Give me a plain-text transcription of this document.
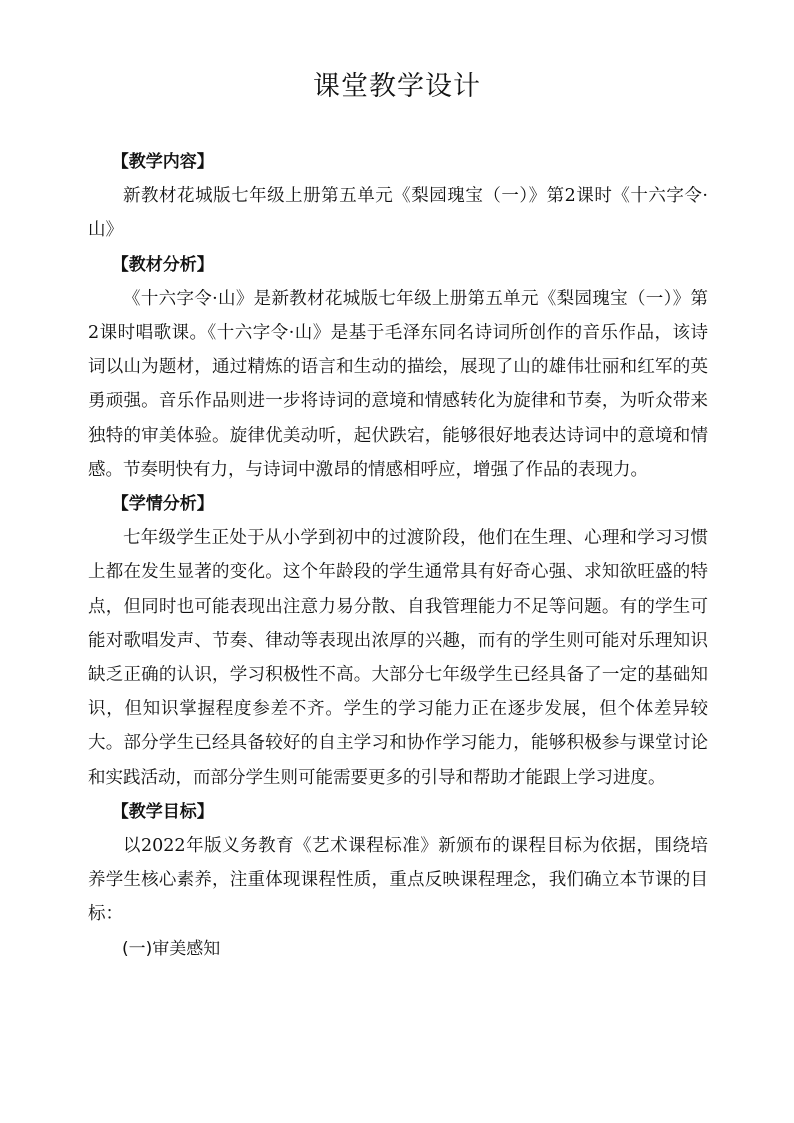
课堂教学设计

【教学内容】

新教材花城版七年级上册第五单元《梨园瑰宝（一）》第2课时《十六字令·山》

【教材分析】

《十六字令·山》是新教材花城版七年级上册第五单元《梨园瑰宝（一）》第2课时唱歌课。《十六字令·山》是基于毛泽东同名诗词所创作的音乐作品，该诗词以山为题材，通过精炼的语言和生动的描绘，展现了山的雄伟壮丽和红军的英勇顽强。音乐作品则进一步将诗词的意境和情感转化为旋律和节奏，为听众带来独特的审美体验。旋律优美动听，起伏跌宕，能够很好地表达诗词中的意境和情感。节奏明快有力，与诗词中激昂的情感相呼应，增强了作品的表现力。

【学情分析】

七年级学生正处于从小学到初中的过渡阶段，他们在生理、心理和学习习惯上都在发生显著的变化。这个年龄段的学生通常具有好奇心强、求知欲旺盛的特点，但同时也可能表现出注意力易分散、自我管理能力不足等问题。有的学生可能对歌唱发声、节奏、律动等表现出浓厚的兴趣，而有的学生则可能对乐理知识缺乏正确的认识，学习积极性不高。大部分七年级学生已经具备了一定的基础知识，但知识掌握程度参差不齐。学生的学习能力正在逐步发展，但个体差异较大。部分学生已经具备较好的自主学习和协作学习能力，能够积极参与课堂讨论和实践活动，而部分学生则可能需要更多的引导和帮助才能跟上学习进度。

【教学目标】

以2022年版义务教育《艺术课程标准》新颁布的课程目标为依据，围绕培养学生核心素养，注重体现课程性质，重点反映课程理念，我们确立本节课的目标：

(一)审美感知
